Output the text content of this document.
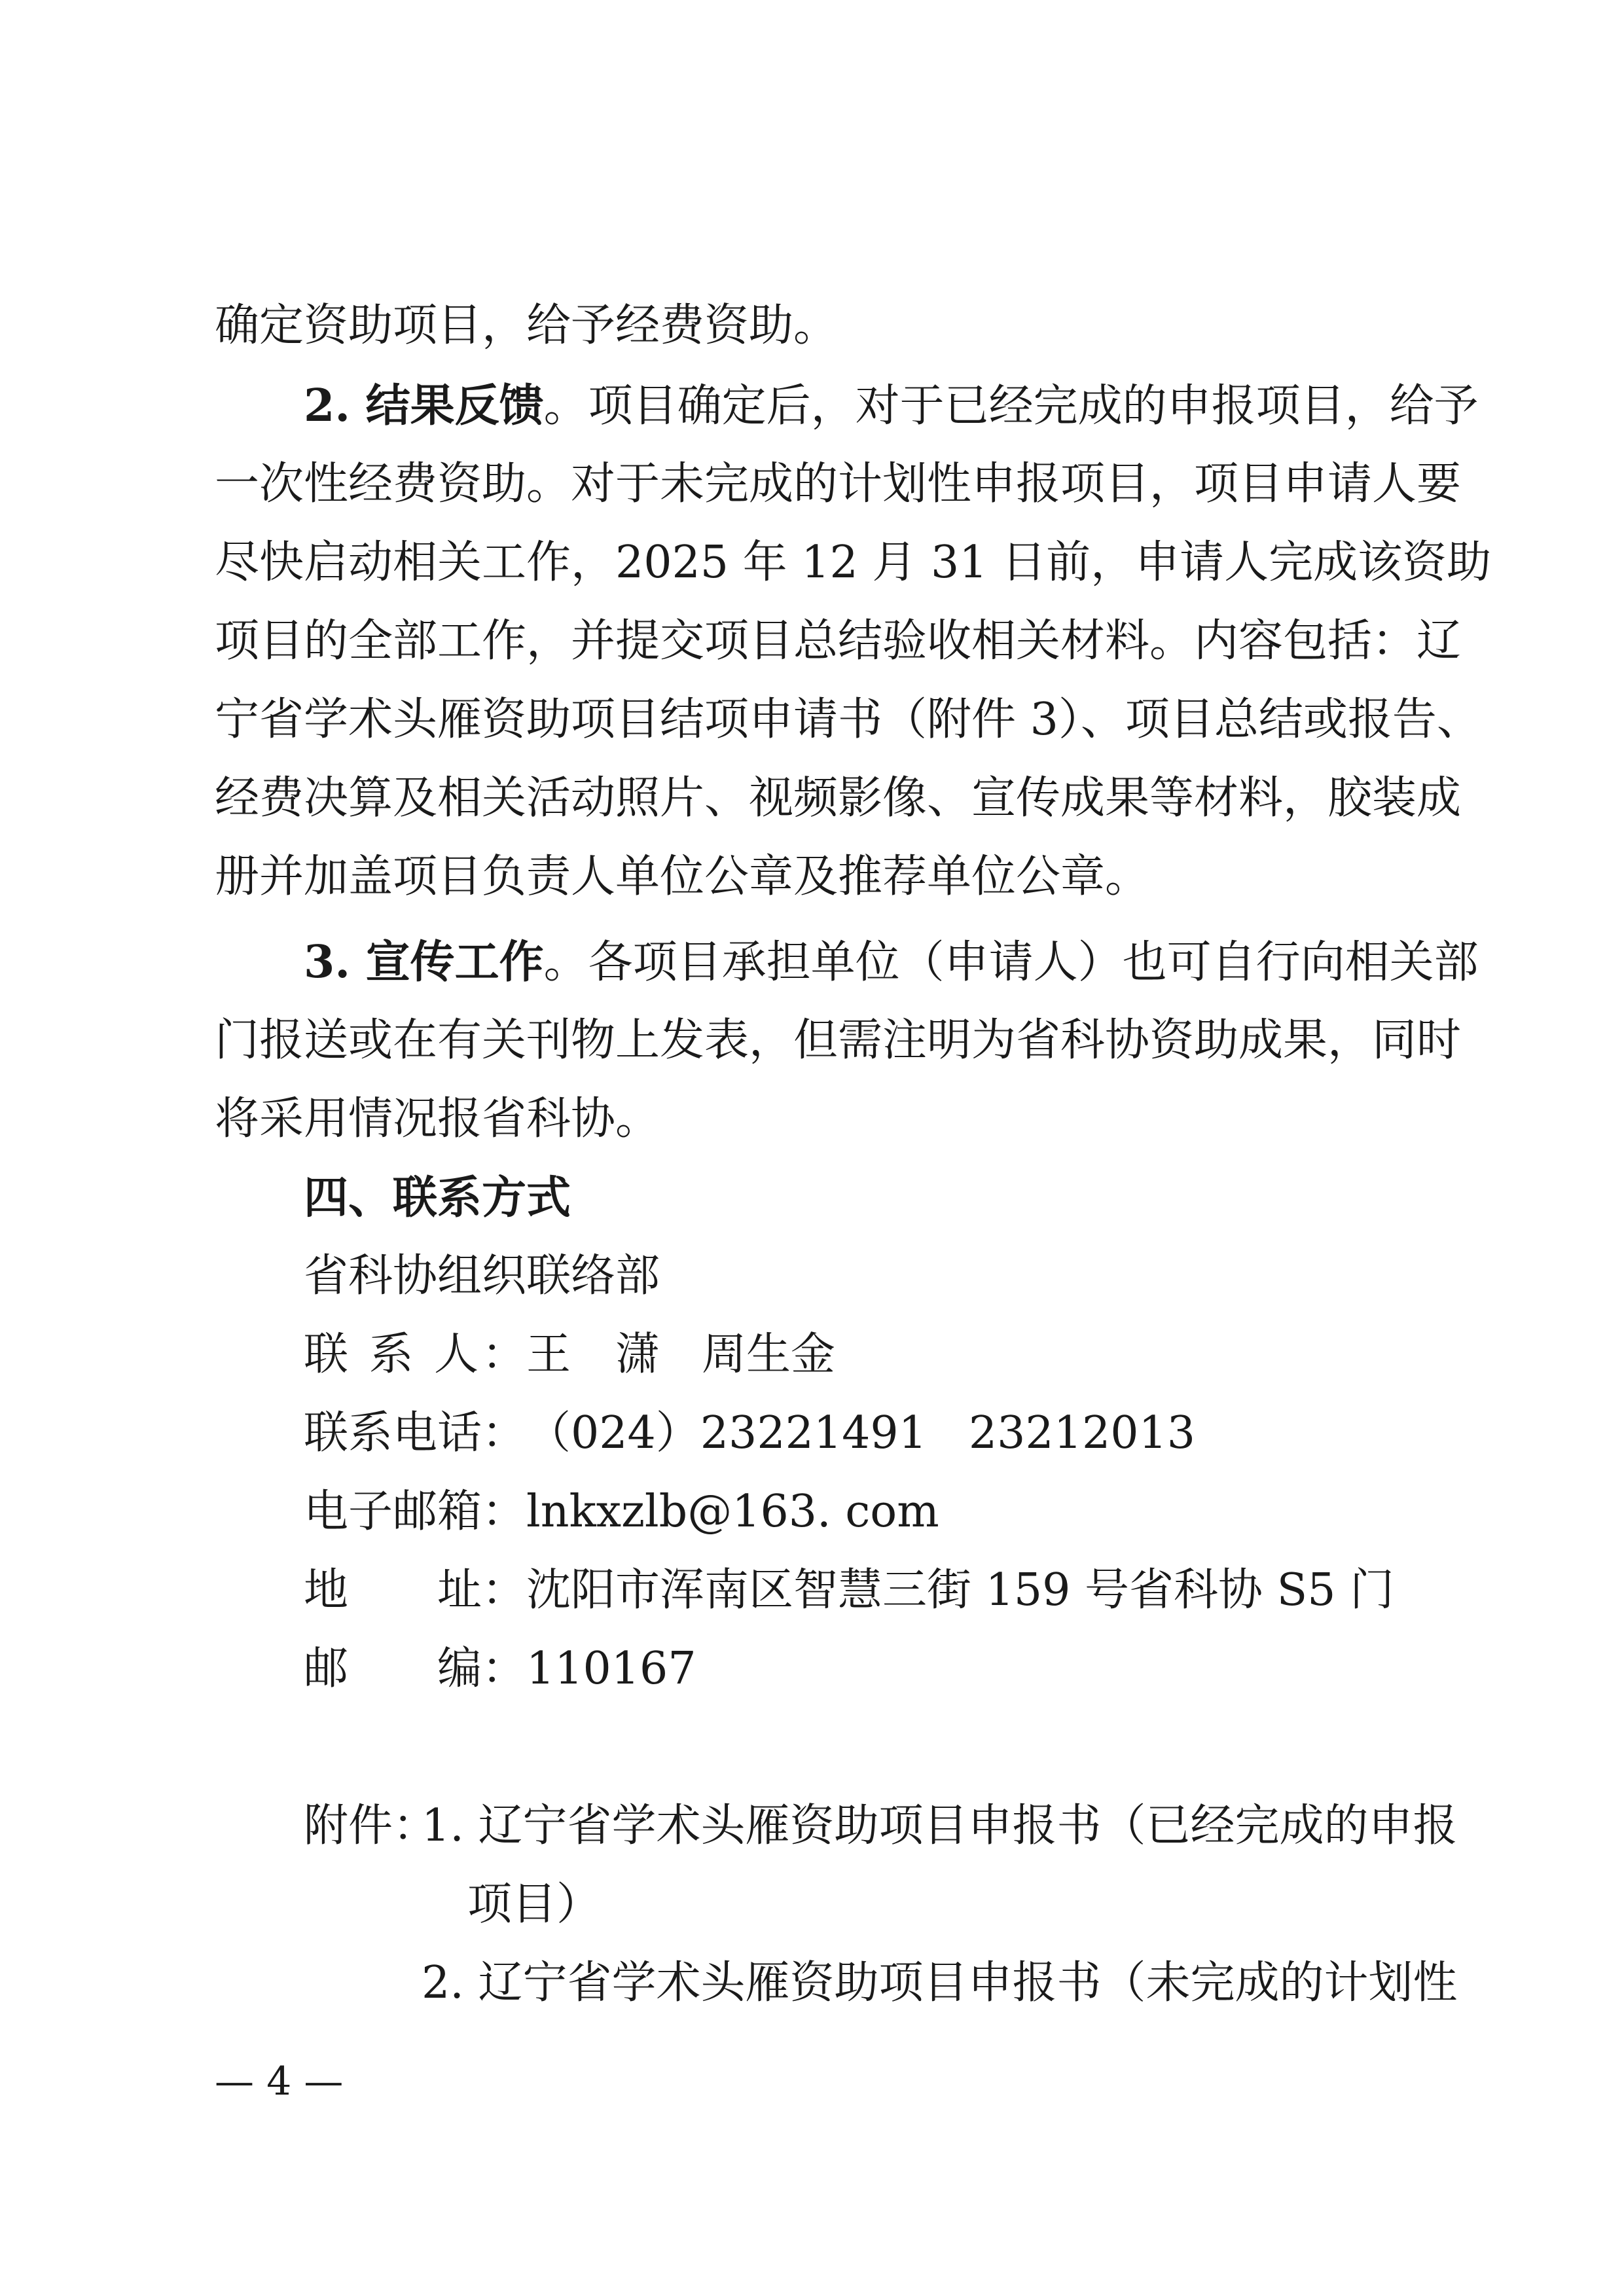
确定资助项目，给予经费资助。
2. 结果反馈。项目确定后，对于已经完成的申报项目，给予
一次性经费资助。对于未完成的计划性申报项目，项目申请人要
尽快启动相关工作，2025 年 12 月 31 日前，申请人完成该资助
项目的全部工作，并提交项目总结验收相关材料。内容包括：辽
宁省学术头雁资助项目结项申请书（附件 3）、项目总结或报告、
经费决算及相关活动照片、视频影像、宣传成果等材料，胶装成
册并加盖项目负责人单位公章及推荐单位公章。
3. 宣传工作。各项目承担单位（申请人）也可自行向相关部
门报送或在有关刊物上发表，但需注明为省科协资助成果，同时
将采用情况报省科协。
四、联系方式
省科协组织联络部
联 系 人：王　潇 周生金
联系电话：（024）23221491 23212013
电子邮箱：lnkxzlb@163. com
地　　址：沈阳市浑南区智慧三街 159 号省科协 S5 门
邮　　编：110167
附件：
1. 辽宁省学术头雁资助项目申报书（已经完成的申报
项目）
2. 辽宁省学术头雁资助项目申报书（未完成的计划性
— 4 —
